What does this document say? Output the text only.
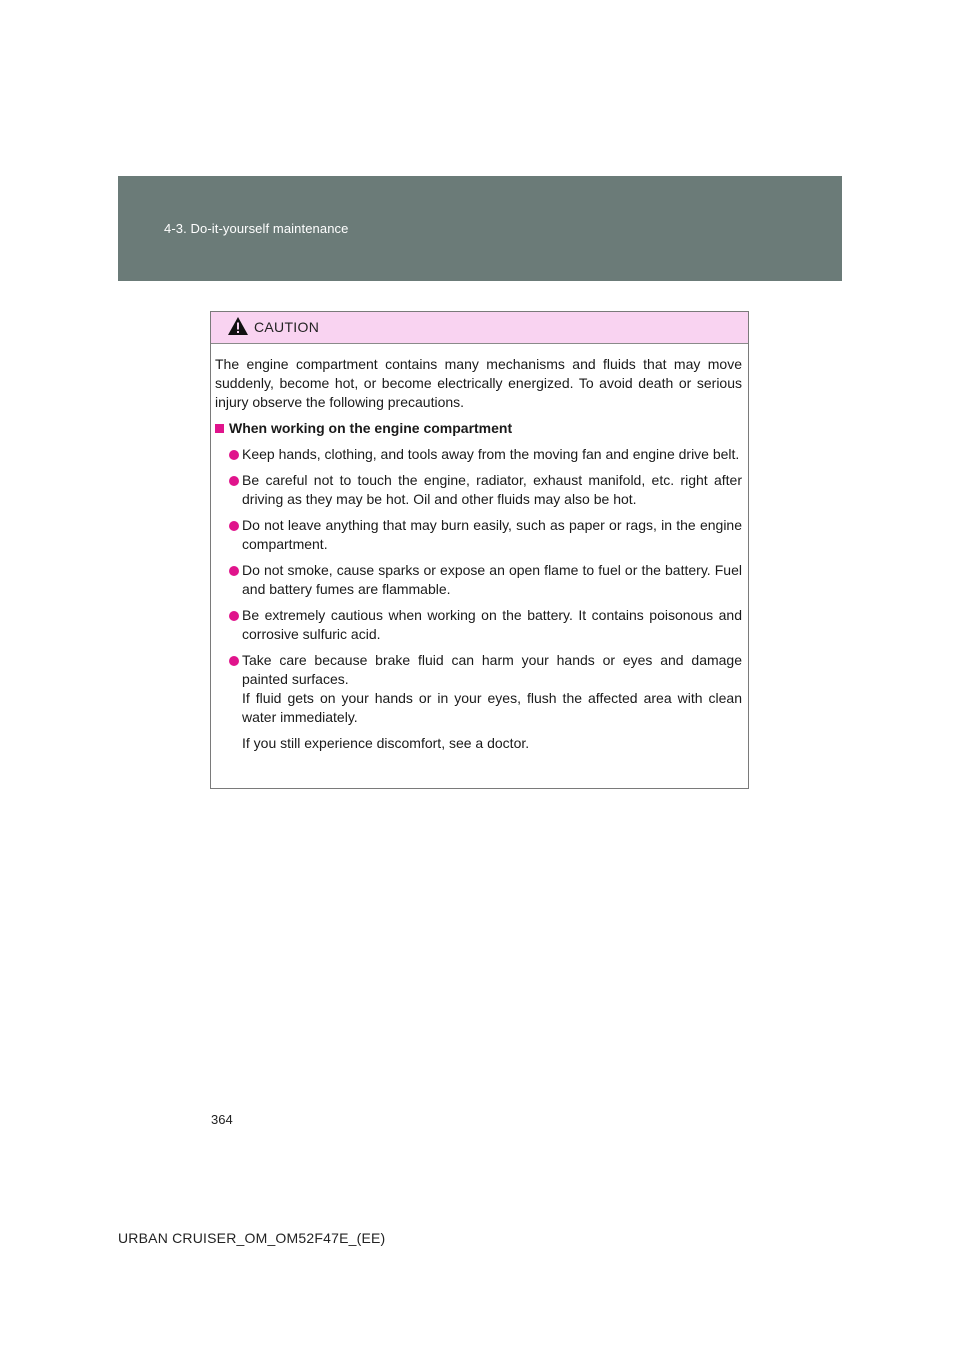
4-3. Do-it-yourself maintenance
CAUTION

The engine compartment contains many mechanisms and fluids that may move suddenly, become hot, or become electrically energized. To avoid death or serious injury observe the following precautions.

When working on the engine compartment
Keep hands, clothing, and tools away from the moving fan and engine drive belt.
Be careful not to touch the engine, radiator, exhaust manifold, etc. right after driving as they may be hot. Oil and other fluids may also be hot.
Do not leave anything that may burn easily, such as paper or rags, in the engine compartment.
Do not smoke, cause sparks or expose an open flame to fuel or the battery. Fuel and battery fumes are flammable.
Be extremely cautious when working on the battery. It contains poisonous and corrosive sulfuric acid.
Take care because brake fluid can harm your hands or eyes and damage painted surfaces.
If fluid gets on your hands or in your eyes, flush the affected area with clean water immediately.

If you still experience discomfort, see a doctor.

364
URBAN CRUISER_OM_OM52F47E_(EE)
